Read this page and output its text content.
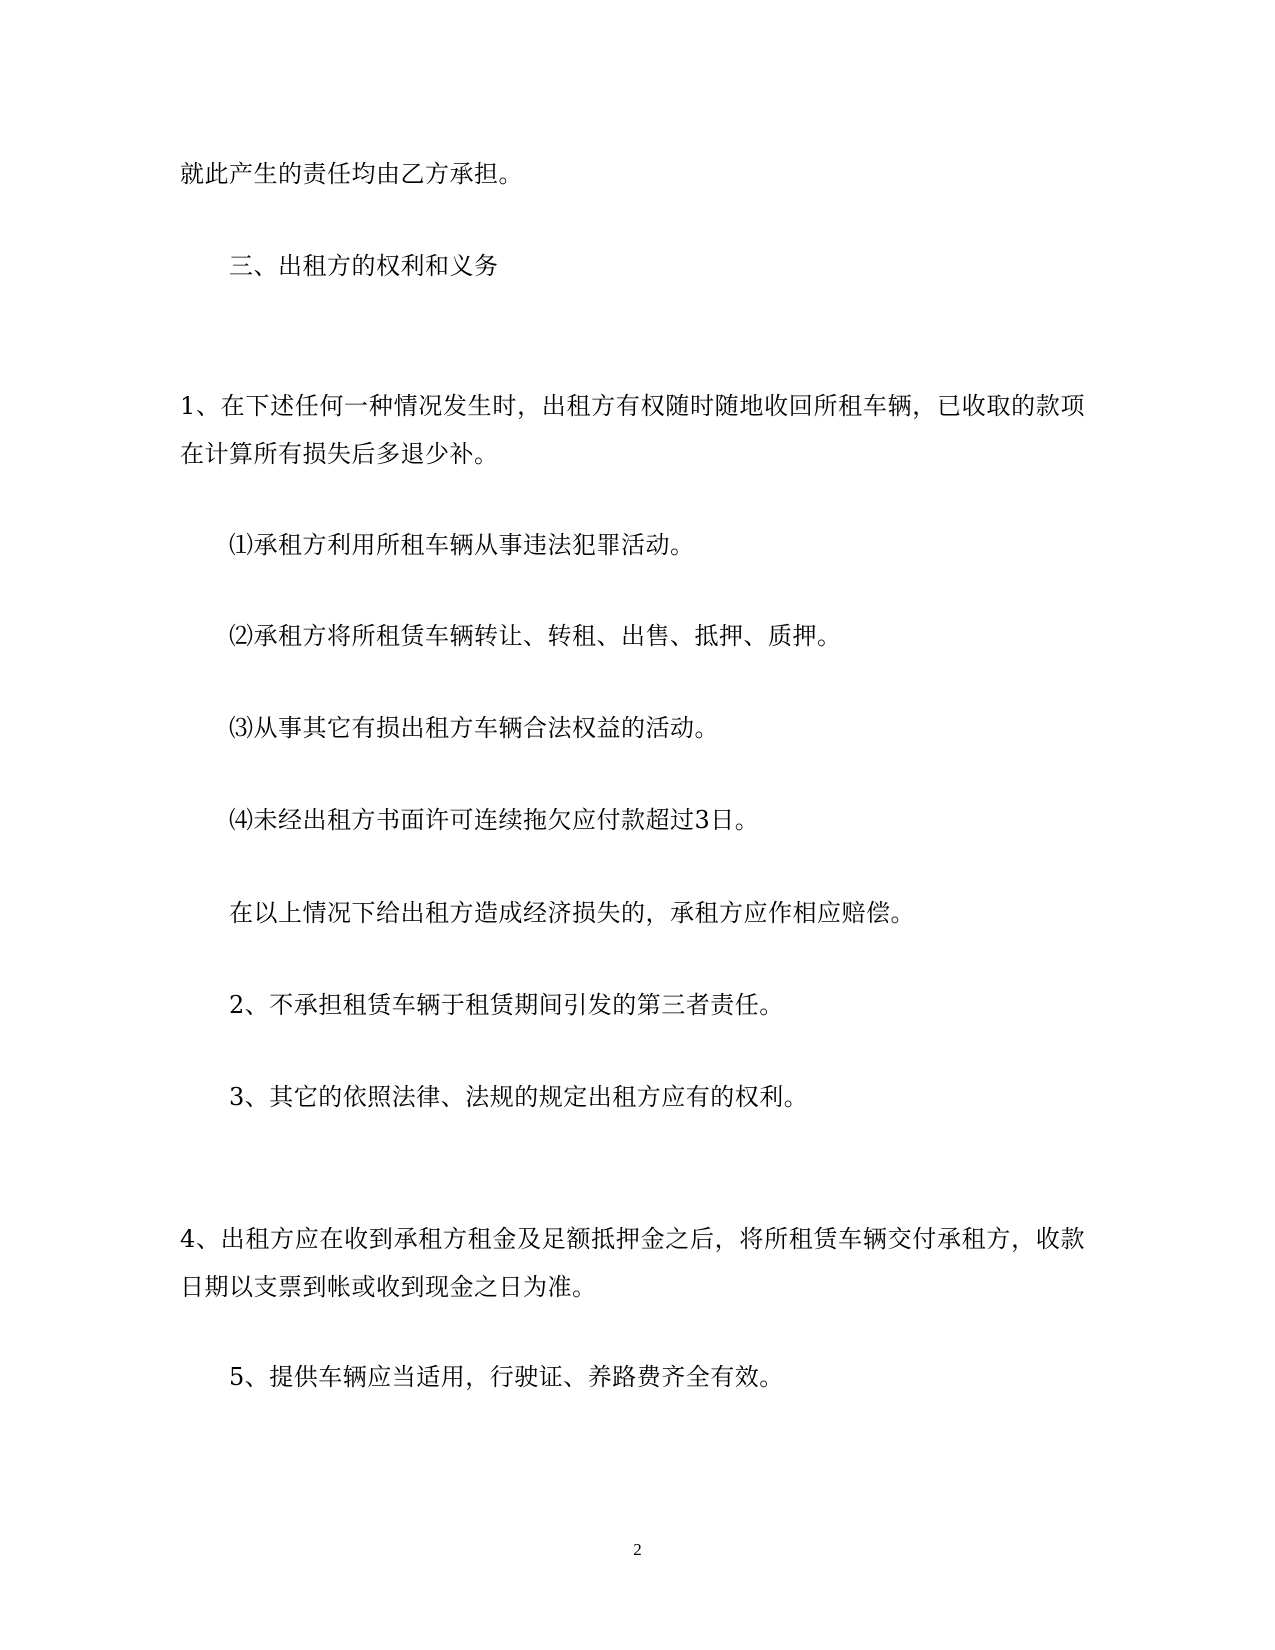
就此产生的责任均由乙方承担。
三、出租方的权利和义务
1、在下述任何一种情况发生时，出租方有权随时随地收回所租车辆，已收取的款项在计算所有损失后多退少补。
⑴承租方利用所租车辆从事违法犯罪活动。
⑵承租方将所租赁车辆转让、转租、出售、抵押、质押。
⑶从事其它有损出租方车辆合法权益的活动。
⑷未经出租方书面许可连续拖欠应付款超过3日。
在以上情况下给出租方造成经济损失的，承租方应作相应赔偿。
2、不承担租赁车辆于租赁期间引发的第三者责任。
3、其它的依照法律、法规的规定出租方应有的权利。
4、出租方应在收到承租方租金及足额抵押金之后，将所租赁车辆交付承租方，收款日期以支票到帐或收到现金之日为准。
5、提供车辆应当适用，行驶证、养路费齐全有效。
2
